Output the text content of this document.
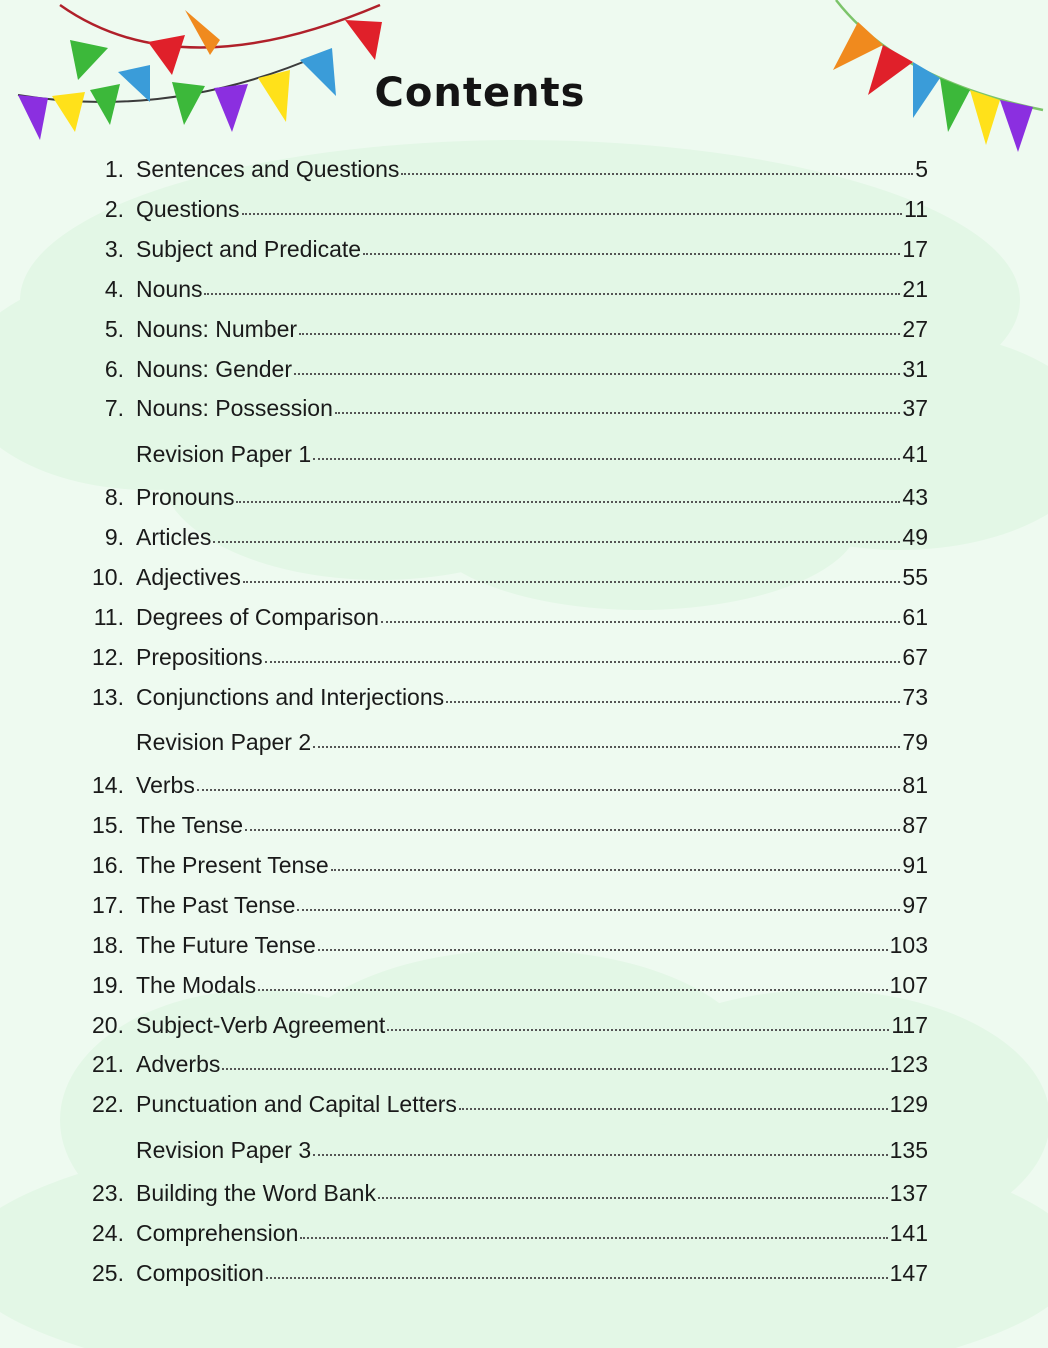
Contents
1. Sentences and Questions	5
2. Questions	11
3. Subject and Predicate	17
4. Nouns	21
5. Nouns: Number	27
6. Nouns: Gender	31
7. Nouns: Possession	37
Revision Paper 1	41
8. Pronouns	43
9. Articles	49
10. Adjectives	55
11. Degrees of Comparison	61
12. Prepositions	67
13. Conjunctions and Interjections	73
Revision Paper 2	79
14. Verbs	81
15. The Tense	87
16. The Present Tense	91
17. The Past Tense	97
18. The Future Tense	103
19. The Modals	107
20. Subject-Verb Agreement	117
21. Adverbs	123
22. Punctuation and Capital Letters	129
Revision Paper 3	135
23. Building the Word Bank	137
24. Comprehension	141
25. Composition	147
